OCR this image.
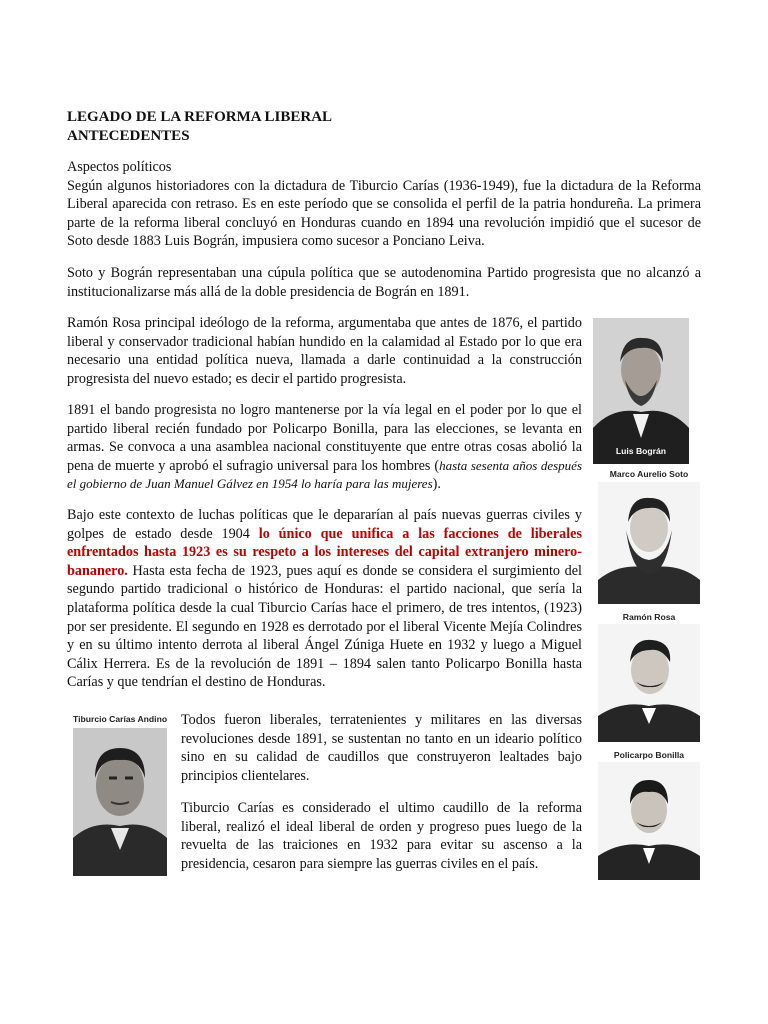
LEGADO DE LA REFORMA LIBERAL
ANTECEDENTES
Aspectos políticos
Según algunos historiadores con la dictadura de Tiburcio Carías (1936-1949), fue la dictadura de la Reforma Liberal aparecida con retraso. Es en este período que se consolida el perfil de la patria hondureña. La primera parte de la reforma liberal concluyó en Honduras cuando en 1894 una revolución impidió que el sucesor de Soto desde 1883 Luis Bográn, impusiera como sucesor a Ponciano Leiva.
Soto y Bográn representaban una cúpula política que se autodenomina Partido progresista que no alcanzó a institucionalizarse más allá de la doble presidencia de Bográn en 1891.
Ramón Rosa principal ideólogo de la reforma, argumentaba que antes de 1876, el partido liberal y conservador tradicional habían hundido en la calamidad al Estado por lo que era necesario una entidad política nueva, llamada a darle continuidad a la construcción progresista del nuevo estado; es decir el partido progresista.
1891 el bando progresista no logro mantenerse por la vía legal en el poder por lo que el partido liberal recién fundado por Policarpo Bonilla, para las elecciones, se levanta en armas. Se convoca a una asamblea nacional constituyente que entre otras cosas abolió la pena de muerte y aprobó el sufragio universal para los hombres (hasta sesenta años después el gobierno de Juan Manuel Gálvez en 1954 lo haría para las mujeres).
Bajo este contexto de luchas políticas que le depararían al país nuevas guerras civiles y golpes de estado desde 1904 lo único que unifica a las facciones de liberales enfrentados hasta 1923 es su respeto a los intereses del capital extranjero minero-bananero. Hasta esta fecha de 1923, pues aquí es donde se considera el surgimiento del segundo partido tradicional o histórico de Honduras: el partido nacional, que sería la plataforma política desde la cual Tiburcio Carías hace el primero, de tres intentos, (1923) por ser presidente. El segundo en 1928 es derrotado por el liberal Vicente Mejía Colindres y en su último intento derrota al liberal Ángel Zúniga Huete en 1932 y luego a Miguel Cálix Herrera. Es de la revolución de 1891 – 1894 salen tanto Policarpo Bonilla hasta Carías y que tendrían el destino de Honduras.
Todos fueron liberales, terratenientes y militares en las diversas revoluciones desde 1891, se sustentan no tanto en un ideario político sino en su calidad de caudillos que construyeron lealtades bajo principios clientelares.
Tiburcio Carías es considerado el ultimo caudillo de la reforma liberal, realizó el ideal liberal de orden y progreso pues luego de la revuelta de las traiciones en 1932 para evitar su ascenso a la presidencia, cesaron para siempre las guerras civiles en el país.
Luis Bográn
Marco Aurelio Soto
Ramón Rosa
Policarpo Bonilla
Tiburcio Carías Andino
